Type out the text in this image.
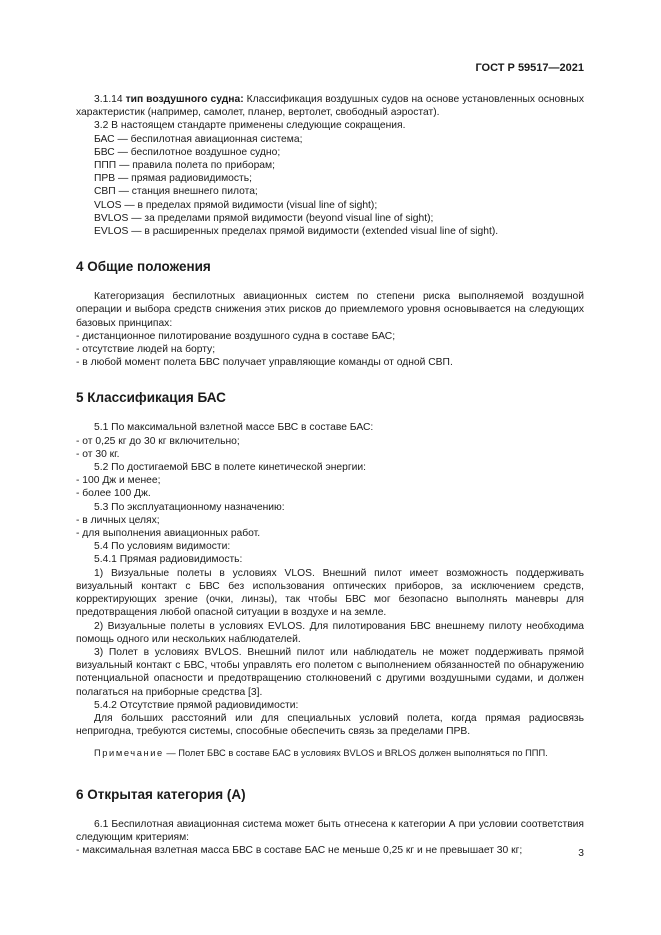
ГОСТ Р 59517—2021

3.1.14 тип воздушного судна: Классификация воздушных судов на основе установленных основных характеристик (например, самолет, планер, вертолет, свободный аэростат).

3.2 В настоящем стандарте применены следующие сокращения.

БАС — беспилотная авиационная система;

БВС — беспилотное воздушное судно;

ППП — правила полета по приборам;

ПРВ — прямая радиовидимость;

СВП — станция внешнего пилота;

VLOS — в пределах прямой видимости (visual line of sight);

BVLOS — за пределами прямой видимости (beyond visual line of sight);

EVLOS — в расширенных пределах прямой видимости (extended visual line of sight).

4 Общие положения

Категоризация беспилотных авиационных систем по степени риска выполняемой воздушной операции и выбора средств снижения этих рисков до приемлемого уровня основывается на следующих базовых принципах:

- дистанционное пилотирование воздушного судна в составе БАС;

- отсутствие людей на борту;

- в любой момент полета БВС получает управляющие команды от одной СВП.

5 Классификация БАС

5.1 По максимальной взлетной массе БВС в составе БАС:

- от 0,25 кг до 30 кг включительно;

- от 30 кг.

5.2 По достигаемой БВС в полете кинетической энергии:

- 100 Дж и менее;

- более 100 Дж.

5.3 По эксплуатационному назначению:

- в личных целях;

- для выполнения авиационных работ.

5.4 По условиям видимости:

5.4.1 Прямая радиовидимость:

1) Визуальные полеты в условиях VLOS. Внешний пилот имеет возможность поддерживать визуальный контакт с БВС без использования оптических приборов, за исключением средств, корректирующих зрение (очки, линзы), так чтобы БВС мог безопасно выполнять маневры для предотвращения любой опасной ситуации в воздухе и на земле.

2) Визуальные полеты в условиях EVLOS. Для пилотирования БВС внешнему пилоту необходима помощь одного или нескольких наблюдателей.

3) Полет в условиях BVLOS. Внешний пилот или наблюдатель не может поддерживать прямой визуальный контакт с БВС, чтобы управлять его полетом с выполнением обязанностей по обнаружению потенциальной опасности и предотвращению столкновений с другими воздушными судами, и должен полагаться на приборные средства [3].

5.4.2 Отсутствие прямой радиовидимости:

Для больших расстояний или для специальных условий полета, когда прямая радиосвязь непригодна, требуются системы, способные обеспечить связь за пределами ПРВ.

Примечание — Полет БВС в составе БАС в условиях BVLOS и BRLOS должен выполняться по ППП.

6 Открытая категория (А)

6.1 Беспилотная авиационная система может быть отнесена к категории А при условии соответствия следующим критериям:

- максимальная взлетная масса БВС в составе БАС не меньше 0,25 кг и не превышает 30 кг;	3
